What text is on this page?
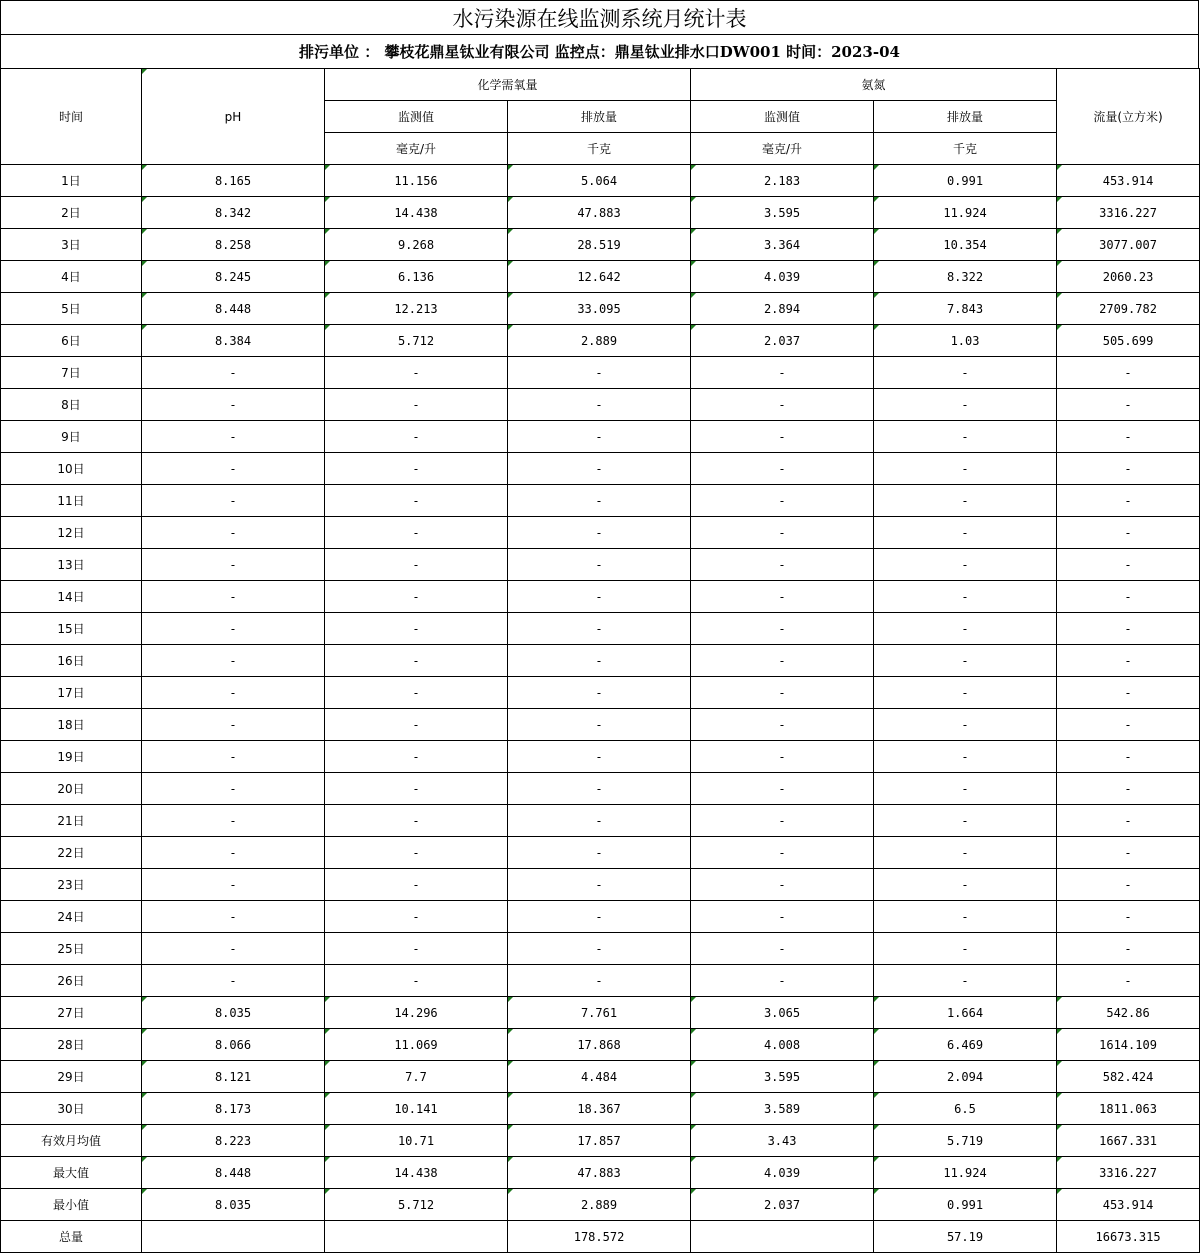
水污染源在线监测系统月统计表
排污单位 ： 攀枝花鼎星钛业有限公司 监控点：鼎星钛业排水口DW001 时间：2023-04
时间	pH	化学需氧量		氨氮		流量(立方米)
		监测值	排放量	监测值	排放量	
		毫克/升	千克	毫克/升	千克	
1日	8.165	11.156	5.064	2.183	0.991	453.914
2日	8.342	14.438	47.883	3.595	11.924	3316.227
3日	8.258	9.268	28.519	3.364	10.354	3077.007
4日	8.245	6.136	12.642	4.039	8.322	2060.23
5日	8.448	12.213	33.095	2.894	7.843	2709.782
6日	8.384	5.712	2.889	2.037	1.03	505.699
7日	-	-	-	-	-	-
8日	-	-	-	-	-	-
9日	-	-	-	-	-	-
10日	-	-	-	-	-	-
11日	-	-	-	-	-	-
12日	-	-	-	-	-	-
13日	-	-	-	-	-	-
14日	-	-	-	-	-	-
15日	-	-	-	-	-	-
16日	-	-	-	-	-	-
17日	-	-	-	-	-	-
18日	-	-	-	-	-	-
19日	-	-	-	-	-	-
20日	-	-	-	-	-	-
21日	-	-	-	-	-	-
22日	-	-	-	-	-	-
23日	-	-	-	-	-	-
24日	-	-	-	-	-	-
25日	-	-	-	-	-	-
26日	-	-	-	-	-	-
27日	8.035	14.296	7.761	3.065	1.664	542.86
28日	8.066	11.069	17.868	4.008	6.469	1614.109
29日	8.121	7.7	4.484	3.595	2.094	582.424
30日	8.173	10.141	18.367	3.589	6.5	1811.063
有效月均值	8.223	10.71	17.857	3.43	5.719	1667.331
最大值	8.448	14.438	47.883	4.039	11.924	3316.227
最小值	8.035	5.712	2.889	2.037	0.991	453.914
总量			178.572		57.19	16673.315
